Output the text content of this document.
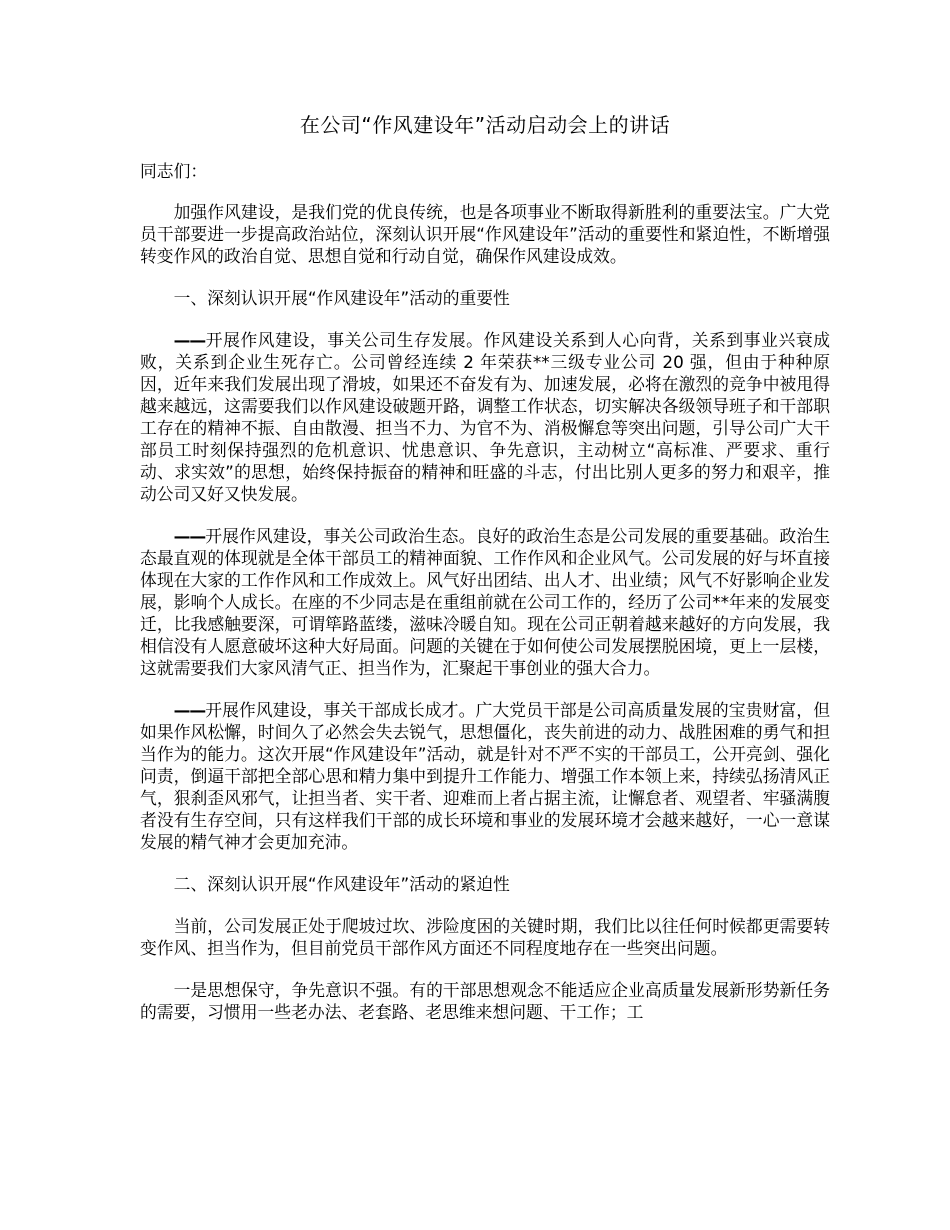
在公司“作风建设年”活动启动会上的讲话
同志们：
加强作风建设，是我们党的优良传统，也是各项事业不断取得新胜利的重要法宝。广大党员干部要进一步提高政治站位，深刻认识开展“作风建设年”活动的重要性和紧迫性，不断增强转变作风的政治自觉、思想自觉和行动自觉，确保作风建设成效。
一、深刻认识开展“作风建设年”活动的重要性
——开展作风建设，事关公司生存发展。作风建设关系到人心向背，关系到事业兴衰成败，关系到企业生死存亡。公司曾经连续 2 年荣获**三级专业公司 20 强，但由于种种原因，近年来我们发展出现了滑坡，如果还不奋发有为、加速发展，必将在激烈的竞争中被甩得越来越远，这需要我们以作风建设破题开路，调整工作状态，切实解决各级领导班子和干部职工存在的精神不振、自由散漫、担当不力、为官不为、消极懈怠等突出问题，引导公司广大干部员工时刻保持强烈的危机意识、忧患意识、争先意识，主动树立“高标准、严要求、重行动、求实效”的思想，始终保持振奋的精神和旺盛的斗志，付出比别人更多的努力和艰辛，推动公司又好又快发展。
——开展作风建设，事关公司政治生态。良好的政治生态是公司发展的重要基础。政治生态最直观的体现就是全体干部员工的精神面貌、工作作风和企业风气。公司发展的好与坏直接体现在大家的工作作风和工作成效上。风气好出团结、出人才、出业绩；风气不好影响企业发展，影响个人成长。在座的不少同志是在重组前就在公司工作的，经历了公司**年来的发展变迁，比我感触要深，可谓筚路蓝缕，滋味冷暖自知。现在公司正朝着越来越好的方向发展，我相信没有人愿意破坏这种大好局面。问题的关键在于如何使公司发展摆脱困境，更上一层楼，这就需要我们大家风清气正、担当作为，汇聚起干事创业的强大合力。
——开展作风建设，事关干部成长成才。广大党员干部是公司高质量发展的宝贵财富，但如果作风松懈，时间久了必然会失去锐气，思想僵化，丧失前进的动力、战胜困难的勇气和担当作为的能力。这次开展“作风建设年”活动，就是针对不严不实的干部员工，公开亮剑、强化问责，倒逼干部把全部心思和精力集中到提升工作能力、增强工作本领上来，持续弘扬清风正气，狠刹歪风邪气，让担当者、实干者、迎难而上者占据主流，让懈怠者、观望者、牢骚满腹者没有生存空间，只有这样我们干部的成长环境和事业的发展环境才会越来越好，一心一意谋发展的精气神才会更加充沛。
二、深刻认识开展“作风建设年”活动的紧迫性
当前，公司发展正处于爬坡过坎、涉险度困的关键时期，我们比以往任何时候都更需要转变作风、担当作为，但目前党员干部作风方面还不同程度地存在一些突出问题。
一是思想保守，争先意识不强。有的干部思想观念不能适应企业高质量发展新形势新任务的需要，习惯用一些老办法、老套路、老思维来想问题、干工作；工
